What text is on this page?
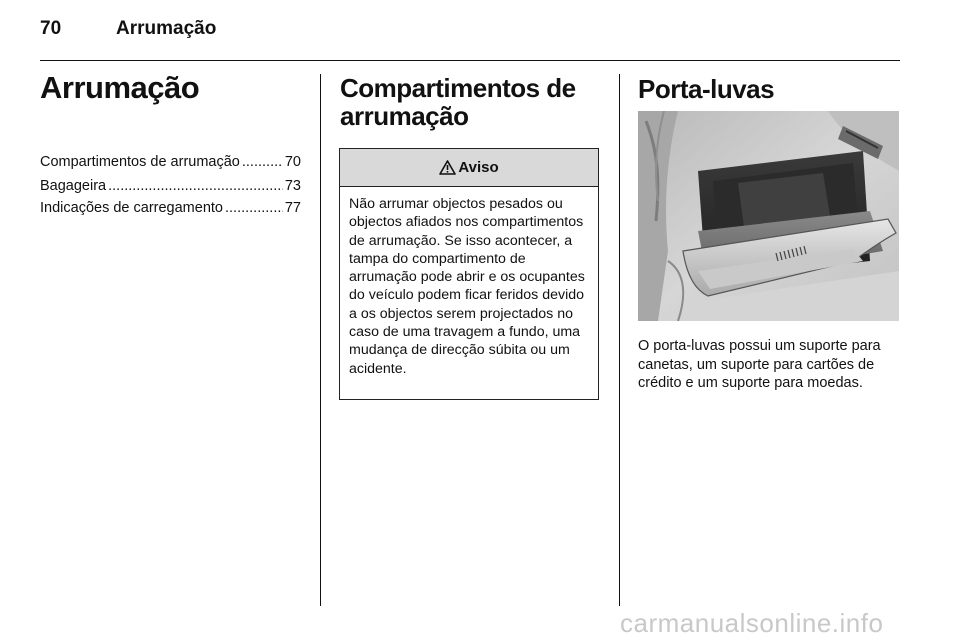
70	Arrumação
Arrumação
Compartimentos de arrumação .....	70
Bagageira .....	73
Indicações de carregamento .....	77
Compartimentos de arrumação
Aviso
Não arrumar objectos pesados ou objectos afiados nos compartimentos de arrumação. Se isso acontecer, a tampa do compartimento de arrumação pode abrir e os ocupantes do veículo podem ficar feridos devido a os objectos serem projectados no caso de uma travagem a fundo, uma mudança de direcção súbita ou um acidente.
Porta-luvas
O porta-luvas possui um suporte para canetas, um suporte para cartões de crédito e um suporte para moedas.
carmanualsonline.info
